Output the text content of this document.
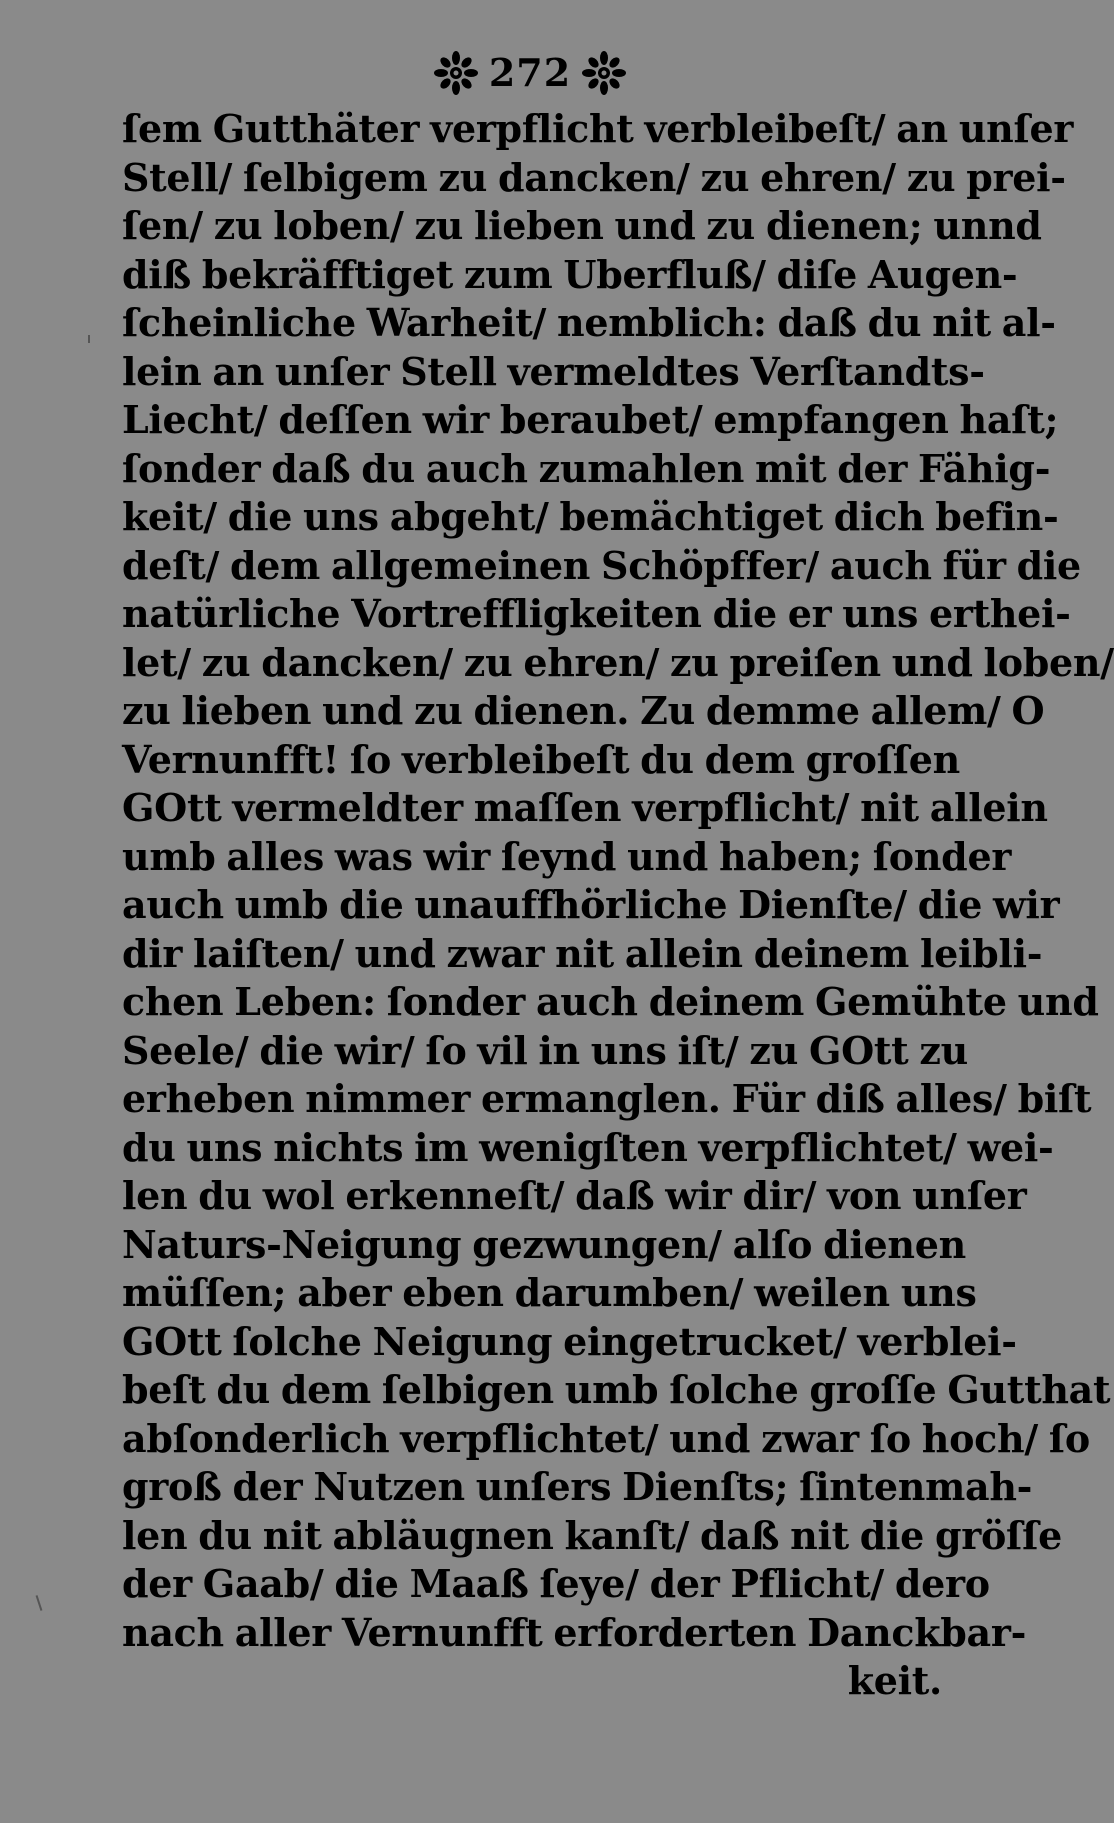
272
ſem Gutthäter verpflicht verbleibeſt/ an unſer
Stell/ ſelbigem zu dancken/ zu ehren/ zu prei-
ſen/ zu loben/ zu lieben und zu dienen; unnd
diß bekräfftiget zum Uberfluß/ diſe Augen-
ſcheinliche Warheit/ nemblich: daß du nit al-
lein an unſer Stell vermeldtes Verſtandts-
Liecht/ deſſen wir beraubet/ empfangen haſt;
ſonder daß du auch zumahlen mit der Fähig-
keit/ die uns abgeht/ bemächtiget dich befin-
deſt/ dem allgemeinen Schöpffer/ auch für die
natürliche Vortreffligkeiten die er uns erthei-
let/ zu dancken/ zu ehren/ zu preiſen und loben/
zu lieben und zu dienen. Zu demme allem/ O
Vernunfft! ſo verbleibeſt du dem groſſen
GOtt vermeldter maſſen verpflicht/ nit allein
umb alles was wir ſeynd und haben; ſonder
auch umb die unauffhörliche Dienſte/ die wir
dir laiſten/ und zwar nit allein deinem leibli-
chen Leben: ſonder auch deinem Gemühte und
Seele/ die wir/ ſo vil in uns iſt/ zu GOtt zu
erheben nimmer ermanglen. Für diß alles/ biſt
du uns nichts im wenigſten verpflichtet/ wei-
len du wol erkenneſt/ daß wir dir/ von unſer
Naturs-Neigung gezwungen/ alſo dienen
müſſen; aber eben darumben/ weilen uns
GOtt ſolche Neigung eingetrucket/ verblei-
beſt du dem ſelbigen umb ſolche groſſe Gutthat
abſonderlich verpflichtet/ und zwar ſo hoch/ ſo
groß der Nutzen unſers Dienſts; ſintenmah-
len du nit abläugnen kanſt/ daß nit die gröſſe
der Gaab/ die Maaß ſeye/ der Pflicht/ dero
nach aller Vernunfft erforderten Danckbar-
keit.
